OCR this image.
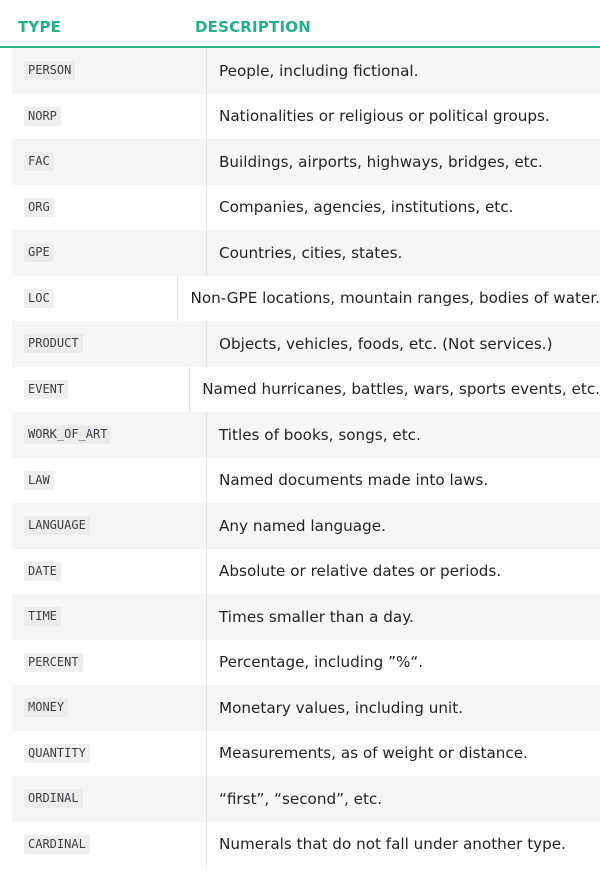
TYPE	DESCRIPTION
PERSON	People, including fictional.
NORP	Nationalities or religious or political groups.
FAC	Buildings, airports, highways, bridges, etc.
ORG	Companies, agencies, institutions, etc.
GPE	Countries, cities, states.
LOC	Non-GPE locations, mountain ranges, bodies of water.
PRODUCT	Objects, vehicles, foods, etc. (Not services.)
EVENT	Named hurricanes, battles, wars, sports events, etc.
WORK_OF_ART	Titles of books, songs, etc.
LAW	Named documents made into laws.
LANGUAGE	Any named language.
DATE	Absolute or relative dates or periods.
TIME	Times smaller than a day.
PERCENT	Percentage, including ”%“.
MONEY	Monetary values, including unit.
QUANTITY	Measurements, as of weight or distance.
ORDINAL	“first”, “second”, etc.
CARDINAL	Numerals that do not fall under another type.
